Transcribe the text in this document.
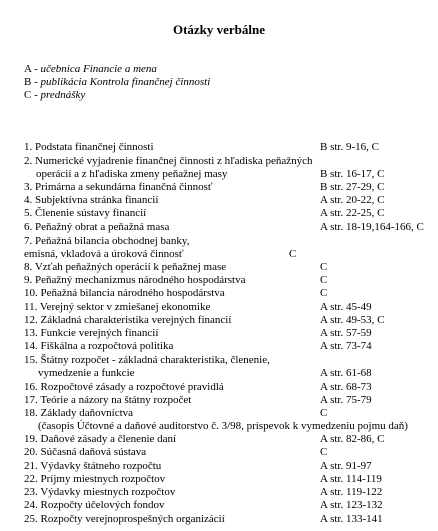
Otázky verbálne
A - učebnica Financie a mena
B - publikácia Kontrola finančnej činnosti
C - prednášky
1. Podstata finančnej činnosti	B str. 9-16, C
2. Numerické vyjadrenie finančnej činnosti z hľadiska peňažných
operácií a z hľadiska zmeny peňažnej masy	B str. 16-17, C
3. Primárna a sekundárna finančná činnosť	B str. 27-29, C
4. Subjektívna stránka financií	A str. 20-22, C
5. Členenie sústavy financií	A str. 22-25, C
6. Peňažný obrat a peňažná masa	A str. 18-19,164-166, C
7. Peňažná bilancia obchodnej banky,
emisná, vkladová a úroková činnosť	C
8. Vzťah peňažných operácií k peňažnej mase	C
9. Peňažný mechanizmus národného hospodárstva	C
10. Peňažná bilancia národného hospodárstva	C
11. Verejný sektor v zmiešanej ekonomike	A str. 45-49
12. Základná charakteristika verejných financií	A str. 49-53, C
13. Funkcie verejných financií	A str. 57-59
14. Fiškálna a rozpočtová politika	A str. 73-74
15. Štátny rozpočet - základná charakteristika, členenie,
vymedzenie a funkcie	A str. 61-68
16. Rozpočtové zásady a rozpočtové pravidlá	A str. 68-73
17. Teórie a názory na štátny rozpočet	A str. 75-79
18. Základy daňovníctva	C
(časopis Účtovné a daňové auditorstvo č. 3/98, príspevok k vymedzeniu pojmu daň)
19. Daňové zásady a členenie daní	A str. 82-86, C
20. Súčasná daňová sústava	C
21. Výdavky štátneho rozpočtu	A str. 91-97
22. Príjmy miestnych rozpočtov	A str. 114-119
23. Výdavky miestnych rozpočtov	A str. 119-122
24. Rozpočty účelových fondov	A str. 123-132
25. Rozpočty verejnoprospešných organizácií	A str. 133-141
